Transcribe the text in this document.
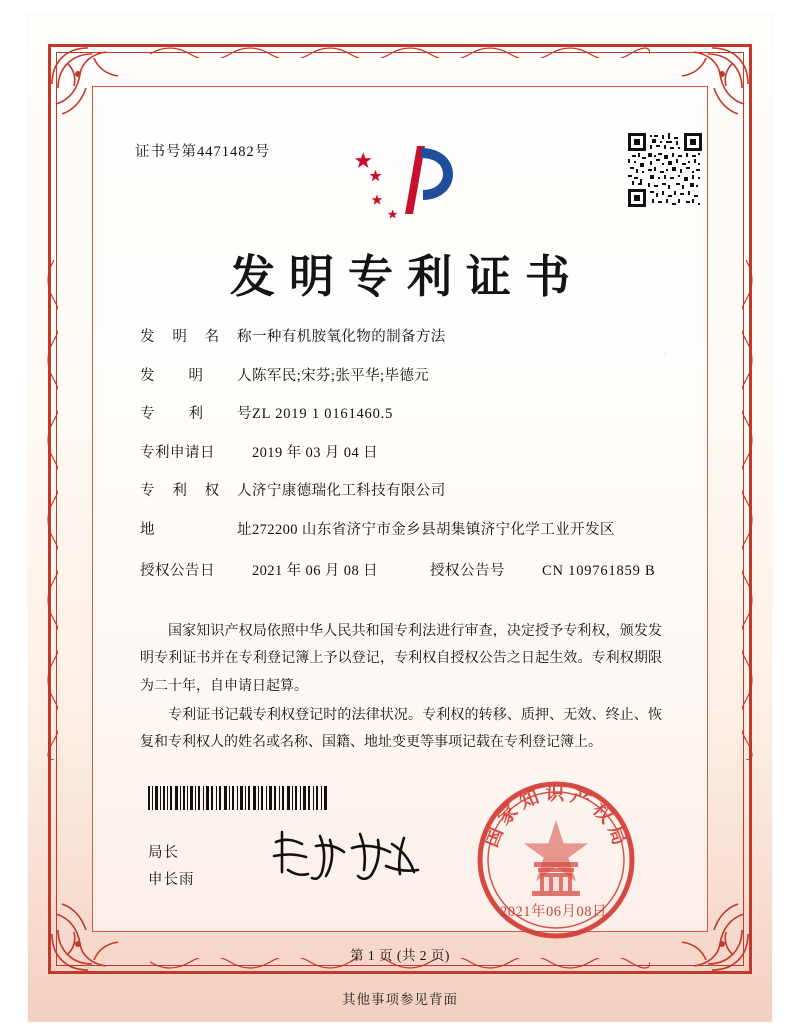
证书号第4471482号
发明专利证书
发 明 名 称 一种有机胺氧化物的制备方法
发 明 人 陈军民;宋芬;张平华;毕德元
专 利 号 ZL 2019 1 0161460.5
专利申请日	2019 年 03 月 04 日
专 利 权 人 济宁康德瑞化工科技有限公司
地	址 272200 山东省济宁市金乡县胡集镇济宁化学工业开发区
授权公告日	2021 年 06 月 08 日	授权公告号	CN 109761859 B

国家知识产权局依照中华人民共和国专利法进行审查，决定授予专利权，颁发发明专利证书并在专利登记簿上予以登记，专利权自授权公告之日起生效。专利权期限为二十年，自申请日起算。

专利证书记载专利权登记时的法律状况。专利权的转移、质押、无效、终止、恢复和专利权人的姓名或名称、国籍、地址变更等事项记载在专利登记簿上。

局长
申长雨
国家知识产权局
2021年06月08日
第 1 页 (共 2 页)
其他事项参见背面
